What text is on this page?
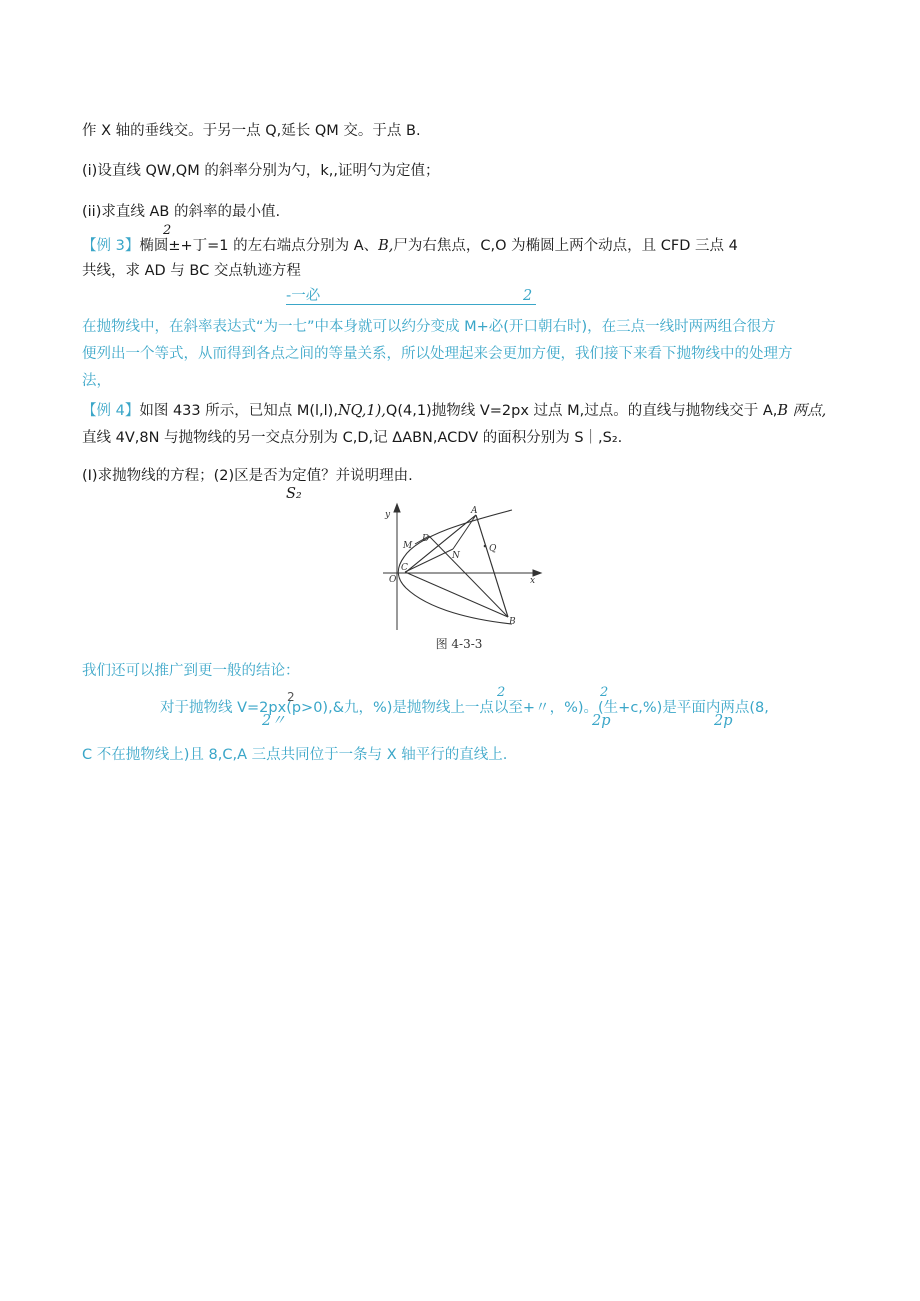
作 X 轴的垂线交。于另一点 Q,延长 QM 交。于点 B.
(i)设直线 QW,QM 的斜率分别为勺，k,,证明勺为定值；
(ii)求直线 AB 的斜率的最小值.
2
【例 3】椭圆±+丁=1 的左右端点分别为 A、B,尸为右焦点，C,O 为椭圆上两个动点，且 CFD 三点 4
共线，求 AD 与 BC 交点轨迹方程
-一必	2
在抛物线中，在斜率表达式“为一七”中本身就可以约分变成 M+必(开口朝右时)，在三点一线时两两组合很方
便列出一个等式，从而得到各点之间的等量关系，所以处理起来会更加方便，我们接下来看下抛物线中的处理方
法，
【例 4】如图 433 所示，已知点 M(l,l),NQ,1),Q(4,1)抛物线 V=2px 过点 M,过点。的直线与抛物线交于 A,B 两点,
直线 4V,8N 与抛物线的另一交点分别为 C,D,记 ΔABN,ACDV 的面积分别为 S｜,S₂.
(I)求抛物线的方程；(2)区是否为定值？并说明理由.
S₂
y
x
A
B
M
D
N
Q
C
O
图 4-3-3
我们还可以推广到更一般的结论：
2	2	2
对于抛物线 V=2px(p>0),&九，%)是抛物线上一点以至+〃，%)。(生+c,%)是平面内两点(8,
2〃	2p	2p
C 不在抛物线上)且 8,C,A 三点共同位于一条与 X 轴平行的直线上.
